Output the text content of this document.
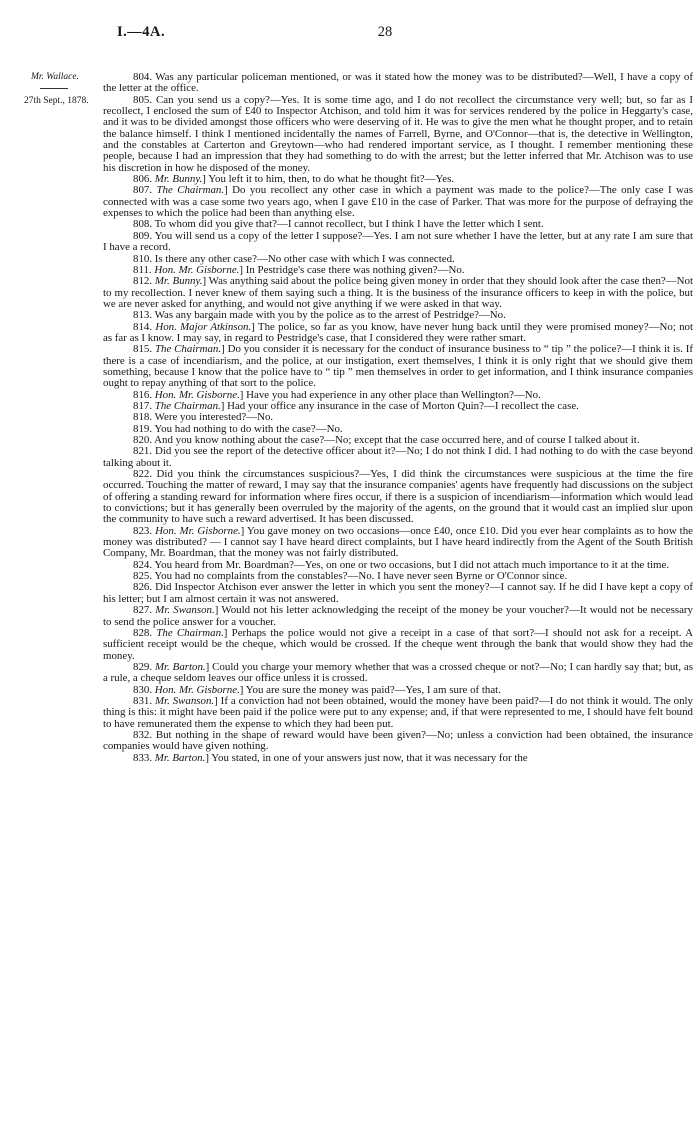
I.—4A.	28
Mr. Wallace.
27th Sept., 1878.

804. Was any particular policeman mentioned, or was it stated how the money was to be distributed?—Well, I have a copy of the letter at the office.

805. Can you send us a copy?—Yes. It is some time ago, and I do not recollect the circumstance very well; but, so far as I recollect, I enclosed the sum of £40 to Inspector Atchison, and told him it was for services rendered by the police in Heggarty's case, and it was to be divided amongst those officers who were deserving of it. He was to give the men what he thought proper, and to retain the balance himself. I think I mentioned incidentally the names of Farrell, Byrne, and O'Connor—that is, the detective in Wellington, and the constables at Carterton and Greytown—who had rendered important service, as I thought. I remember mentioning these people, because I had an impression that they had something to do with the arrest; but the letter inferred that Mr. Atchison was to use his discretion in how he disposed of the money.

806. Mr. Bunny.] You left it to him, then, to do what he thought fit?—Yes.

807. The Chairman.] Do you recollect any other case in which a payment was made to the police?—The only case I was connected with was a case some two years ago, when I gave £10 in the case of Parker. That was more for the purpose of defraying the expenses to which the police had been than anything else.

808. To whom did you give that?—I cannot recollect, but I think I have the letter which I sent.

809. You will send us a copy of the letter I suppose?—Yes. I am not sure whether I have the letter, but at any rate I am sure that I have a record.

810. Is there any other case?—No other case with which I was connected.

811. Hon. Mr. Gisborne.] In Pestridge's case there was nothing given?—No.

812. Mr. Bunny.] Was anything said about the police being given money in order that they should look after the case then?—Not to my recollection. I never knew of them saying such a thing. It is the business of the insurance officers to keep in with the police, but we are never asked for anything, and would not give anything if we were asked in that way.

813. Was any bargain made with you by the police as to the arrest of Pestridge?—No.

814. Hon. Major Atkinson.] The police, so far as you know, have never hung back until they were promised money?—No; not as far as I know. I may say, in regard to Pestridge's case, that I considered they were rather smart.

815. The Chairman.] Do you consider it is necessary for the conduct of insurance business to “ tip ” the police?—I think it is. If there is a case of incendiarism, and the police, at our instigation, exert themselves, I think it is only right that we should give them something, because I know that the police have to “ tip ” men themselves in order to get information, and I think insurance companies ought to repay anything of that sort to the police.

816. Hon. Mr. Gisborne.] Have you had experience in any other place than Wellington?—No.

817. The Chairman.] Had your office any insurance in the case of Morton Quin?—I recollect the case.

818. Were you interested?—No.

819. You had nothing to do with the case?—No.

820. And you know nothing about the case?—No; except that the case occurred here, and of course I talked about it.

821. Did you see the report of the detective officer about it?—No; I do not think I did. I had nothing to do with the case beyond talking about it.

822. Did you think the circumstances suspicious?—Yes, I did think the circumstances were suspicious at the time the fire occurred. Touching the matter of reward, I may say that the insurance companies' agents have frequently had discussions on the subject of offering a standing reward for information where fires occur, if there is a suspicion of incendiarism—information which would lead to convictions; but it has generally been overruled by the majority of the agents, on the ground that it would cast an implied slur upon the community to have such a reward advertised. It has been discussed.

823. Hon. Mr. Gisborne.] You gave money on two occasions—once £40, once £10. Did you ever hear complaints as to how the money was distributed? — I cannot say I have heard direct complaints, but I have heard indirectly from the Agent of the South British Company, Mr. Boardman, that the money was not fairly distributed.

824. You heard from Mr. Boardman?—Yes, on one or two occasions, but I did not attach much importance to it at the time.

825. You had no complaints from the constables?—No. I have never seen Byrne or O'Connor since.

826. Did Inspector Atchison ever answer the letter in which you sent the money?—I cannot say. If he did I have kept a copy of his letter; but I am almost certain it was not answered.

827. Mr. Swanson.] Would not his letter acknowledging the receipt of the money be your voucher?—It would not be necessary to send the police answer for a voucher.

828. The Chairman.] Perhaps the police would not give a receipt in a case of that sort?—I should not ask for a receipt. A sufficient receipt would be the cheque, which would be crossed. If the cheque went through the bank that would show they had the money.

829. Mr. Barton.] Could you charge your memory whether that was a crossed cheque or not?—No; I can hardly say that; but, as a rule, a cheque seldom leaves our office unless it is crossed.

830. Hon. Mr. Gisborne.] You are sure the money was paid?—Yes, I am sure of that.

831. Mr. Swanson.] If a conviction had not been obtained, would the money have been paid?—I do not think it would. The only thing is this: it might have been paid if the police were put to any expense; and, if that were represented to me, I should have felt bound to have remunerated them the expense to which they had been put.

832. But nothing in the shape of reward would have been given?—No; unless a conviction had been obtained, the insurance companies would have given nothing.

833. Mr. Barton.] You stated, in one of your answers just now, that it was necessary for the
